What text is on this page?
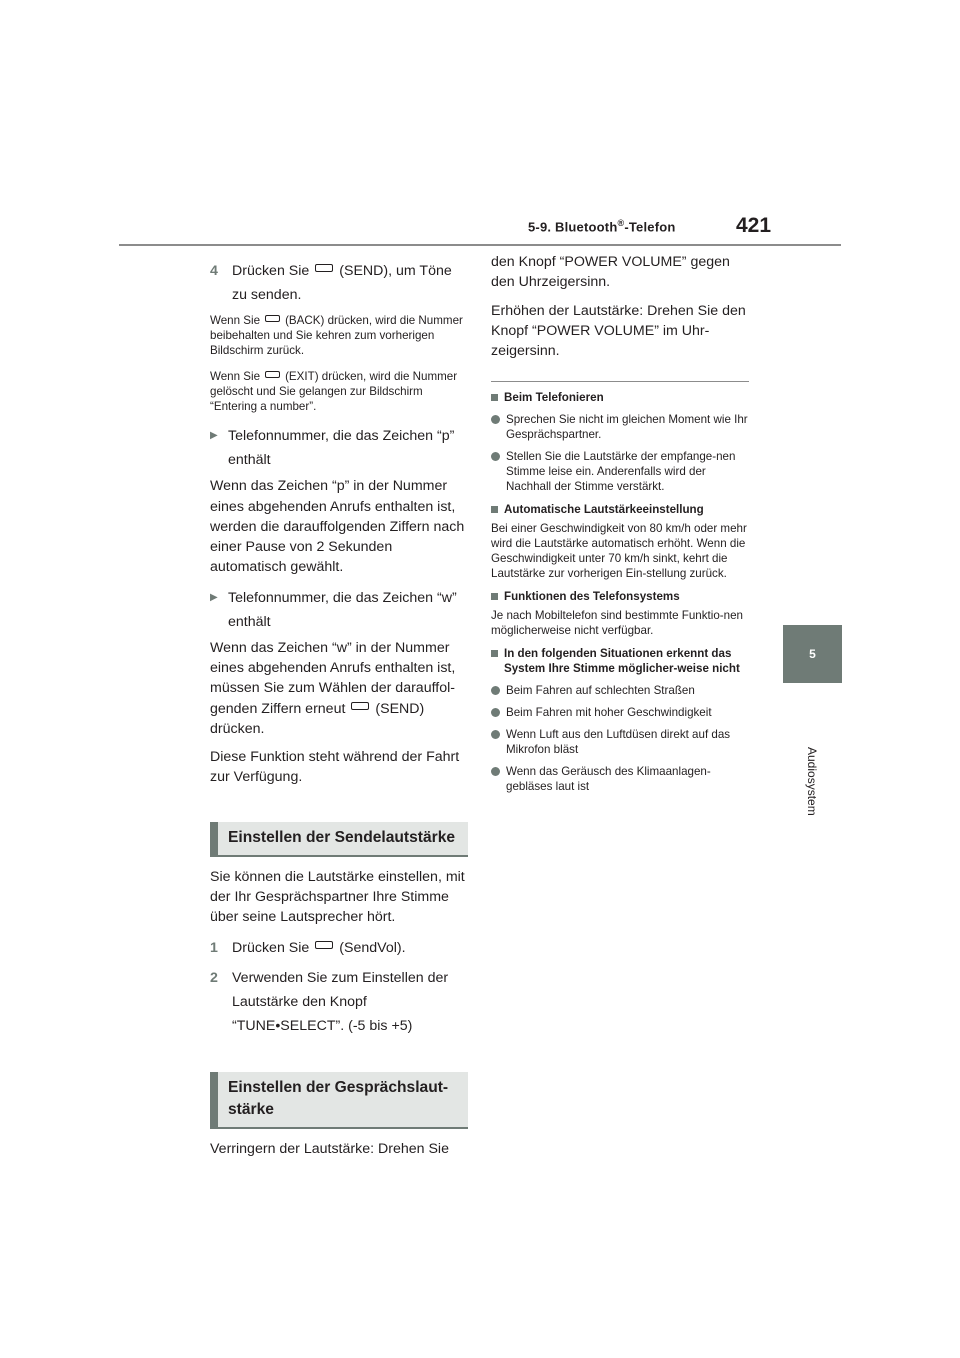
5-9. Bluetooth®-Telefon	421
5
Audiosystem
4 Drücken Sie (SEND), um Töne zu senden.

Wenn Sie (BACK) drücken, wird die Nummer beibehalten und Sie kehren zum vorherigen Bildschirm zurück.

Wenn Sie (EXIT) drücken, wird die Nummer gelöscht und Sie gelangen zur Bildschirm “Entering a number”.

▶ Telefonnummer, die das Zeichen “p” enthält

Wenn das Zeichen “p” in der Nummer eines abgehenden Anrufs enthalten ist, werden die darauffolgenden Ziffern nach einer Pause von 2 Sekunden automatisch gewählt.

▶ Telefonnummer, die das Zeichen “w” enthält

Wenn das Zeichen “w” in der Nummer eines abgehenden Anrufs enthalten ist, müssen Sie zum Wählen der darauffol-genden Ziffern erneut (SEND) drücken.

Diese Funktion steht während der Fahrt zur Verfügung.

Einstellen der Sendelautstärke

Sie können die Lautstärke einstellen, mit der Ihr Gesprächspartner Ihre Stimme über seine Lautsprecher hört.

1 Drücken Sie (SendVol).
2 Verwenden Sie zum Einstellen der Lautstärke den Knopf “TUNE•SELECT”. (-5 bis +5)
Einstellen der Gesprächslaut-stärke

Verringern der Lautstärke: Drehen Sie

den Knopf “POWER VOLUME” gegen den Uhrzeigersinn.

Erhöhen der Lautstärke: Drehen Sie den Knopf “POWER VOLUME” im Uhr-zeigersinn.

Beim Telefonieren
Sprechen Sie nicht im gleichen Moment wie Ihr Gesprächspartner.
Stellen Sie die Lautstärke der empfange-nen Stimme leise ein. Anderenfalls wird der Nachhall der Stimme verstärkt.
Automatische Lautstärkeeinstellung

Bei einer Geschwindigkeit von 80 km/h oder mehr wird die Lautstärke automatisch erhöht. Wenn die Geschwindigkeit unter 70 km/h sinkt, kehrt die Lautstärke zur vorherigen Ein-stellung zurück.

Funktionen des Telefonsystems

Je nach Mobiltelefon sind bestimmte Funktio-nen möglicherweise nicht verfügbar.

In den folgenden Situationen erkennt das System Ihre Stimme möglicher-weise nicht
Beim Fahren auf schlechten Straßen
Beim Fahren mit hoher Geschwindigkeit
Wenn Luft aus den Luftdüsen direkt auf das Mikrofon bläst
Wenn das Geräusch des Klimaanlagen-gebläses laut ist
